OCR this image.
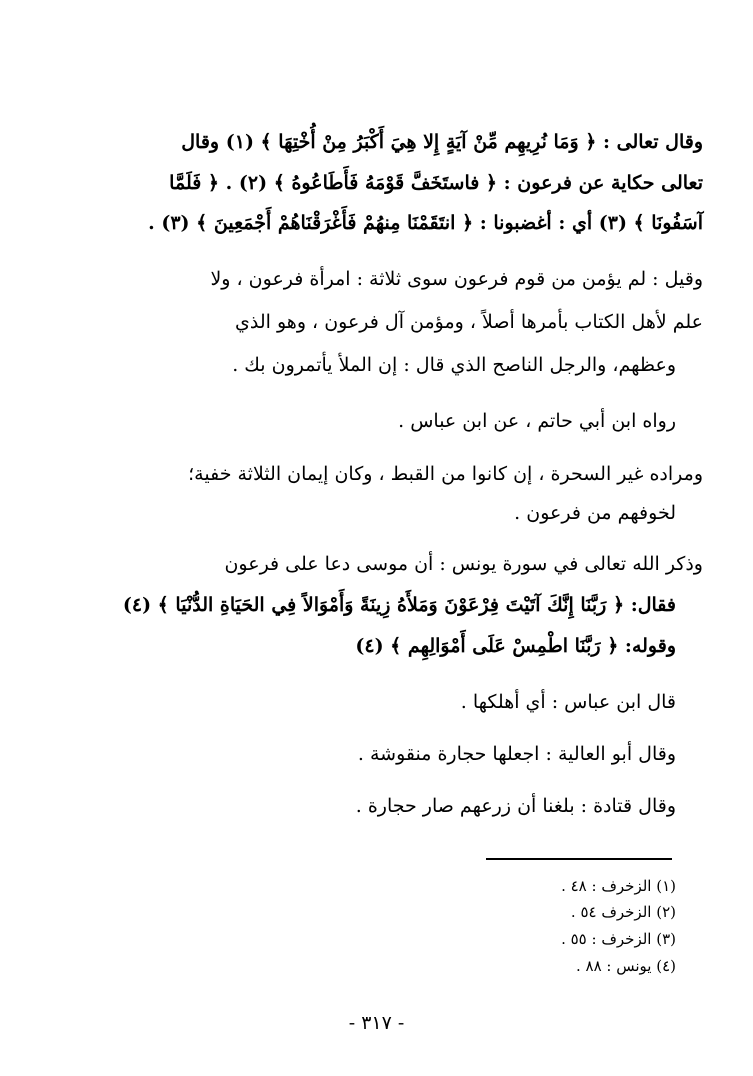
وقال تعالى : ﴿ وَمَا نُرِيهِم مِّنْ آيَةٍ إِلا هِيَ أَكْبَرُ مِنْ أُخْتِهَا ﴾ (١) وقال
تعالى حكاية عن فرعون : ﴿ فاستَخَفَّ قَوْمَهُ فَأَطَاعُوهُ ﴾ (٢) . ﴿ فَلَمَّا
آسَفُونَا ﴾ (٣) أي : أغضبونا : ﴿ انتَقَمْنَا مِنهُمْ فَأَغْرَقْنَاهُمْ أَجْمَعِينَ ﴾ (٣) .
وقيل : لم يؤمن من قوم فرعون سوى ثلاثة : امرأة فرعون ، ولا
علم لأهل الكتاب بأمرها أصلاً ، ومؤمن آل فرعون ، وهو الذي
وعظهم، والرجل الناصح الذي قال : إن الملأ يأتمرون بك .
رواه ابن أبي حاتم ، عن ابن عباس .
ومراده غير السحرة ، إن كانوا من القبط ، وكان إيمان الثلاثة خفية؛
لخوفهم من فرعون .
وذكر الله تعالى في سورة يونس : أن موسى دعا على فرعون
فقال: ﴿ رَبَّنَا إِنَّكَ آتَيْتَ فِرْعَوْنَ وَمَلأَهُ زِينَةً وَأَمْوَالاً فِي الحَيَاةِ الدُّنْيَا ﴾ (٤)
وقوله: ﴿ رَبَّنَا اطْمِسْ عَلَى أَمْوَالِهِم ﴾ (٤)
قال ابن عباس : أي أهلكها .
وقال أبو العالية : اجعلها حجارة منقوشة .
وقال قتادة : بلغنا أن زرعهم صار حجارة .
(١) الزخرف : ٤٨ .
(٢) الزخرف ٥٤ .
(٣) الزخرف : ٥٥ .
(٤) يونس : ٨٨ .
- ٣١٧ -
